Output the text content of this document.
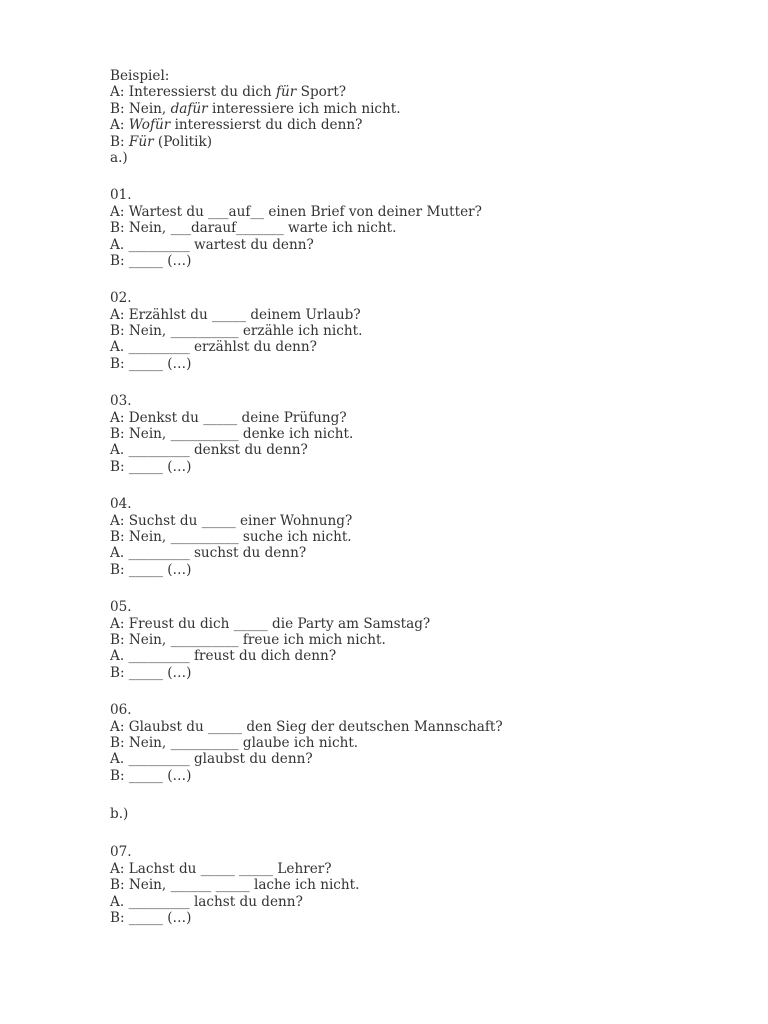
Beispiel:
A: Interessierst du dich für Sport?
B: Nein, dafür interessiere ich mich nicht.
A: Wofür interessierst du dich denn?
B: Für (Politik)
a.)
01.
A: Wartest du ___auf__ einen Brief von deiner Mutter?
B: Nein, ___darauf_______ warte ich nicht.
A. _________ wartest du denn?
B: _____ (…)
02.
A: Erzählst du _____ deinem Urlaub?
B: Nein, __________ erzähle ich nicht.
A. _________ erzählst du denn?
B: _____ (…)
03.
A: Denkst du _____ deine Prüfung?
B: Nein, __________ denke ich nicht.
A. _________ denkst du denn?
B: _____ (…)
04.
A: Suchst du _____ einer Wohnung?
B: Nein, __________ suche ich nicht.
A. _________ suchst du denn?
B: _____ (…)
05.
A: Freust du dich _____ die Party am Samstag?
B: Nein, __________ freue ich mich nicht.
A. _________ freust du dich denn?
B: _____ (…)
06.
A: Glaubst du _____ den Sieg der deutschen Mannschaft?
B: Nein, __________ glaube ich nicht.
A. _________ glaubst du denn?
B: _____ (…)
b.)
07.
A: Lachst du _____ _____ Lehrer?
B: Nein, ______ _____ lache ich nicht.
A. _________ lachst du denn?
B: _____ (…)
